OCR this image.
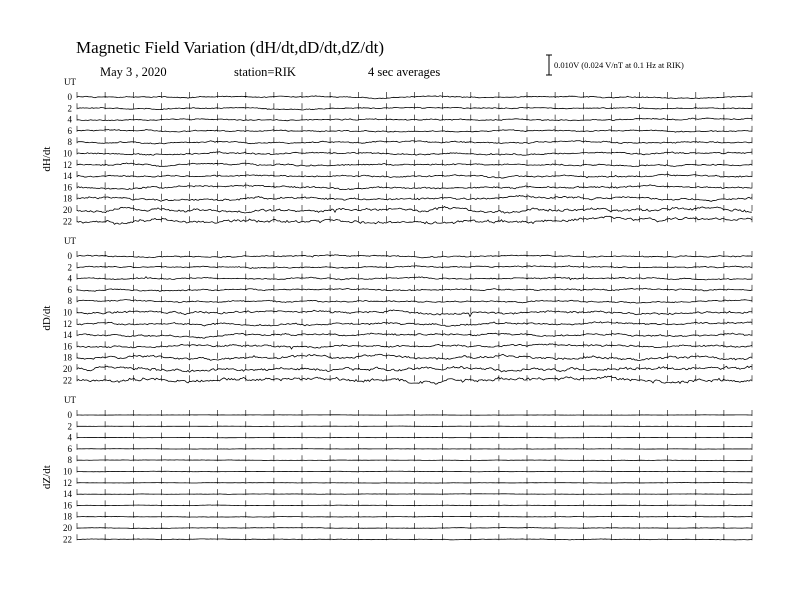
Magnetic Field Variation (dH/dt,dD/dt,dZ/dt)
May 3 , 2020	station=RIK	4 sec averages	0.010V (0.024 V/nT at 0.1 Hz at RIK)
UT
dH/dt
0
2
4
6
8
10
12
14
16
18
20
22
UT
dD/dt
0
2
4
6
8
10
12
14
16
18
20
22
UT
dZ/dt
0
2
4
6
8
10
12
14
16
18
20
22
